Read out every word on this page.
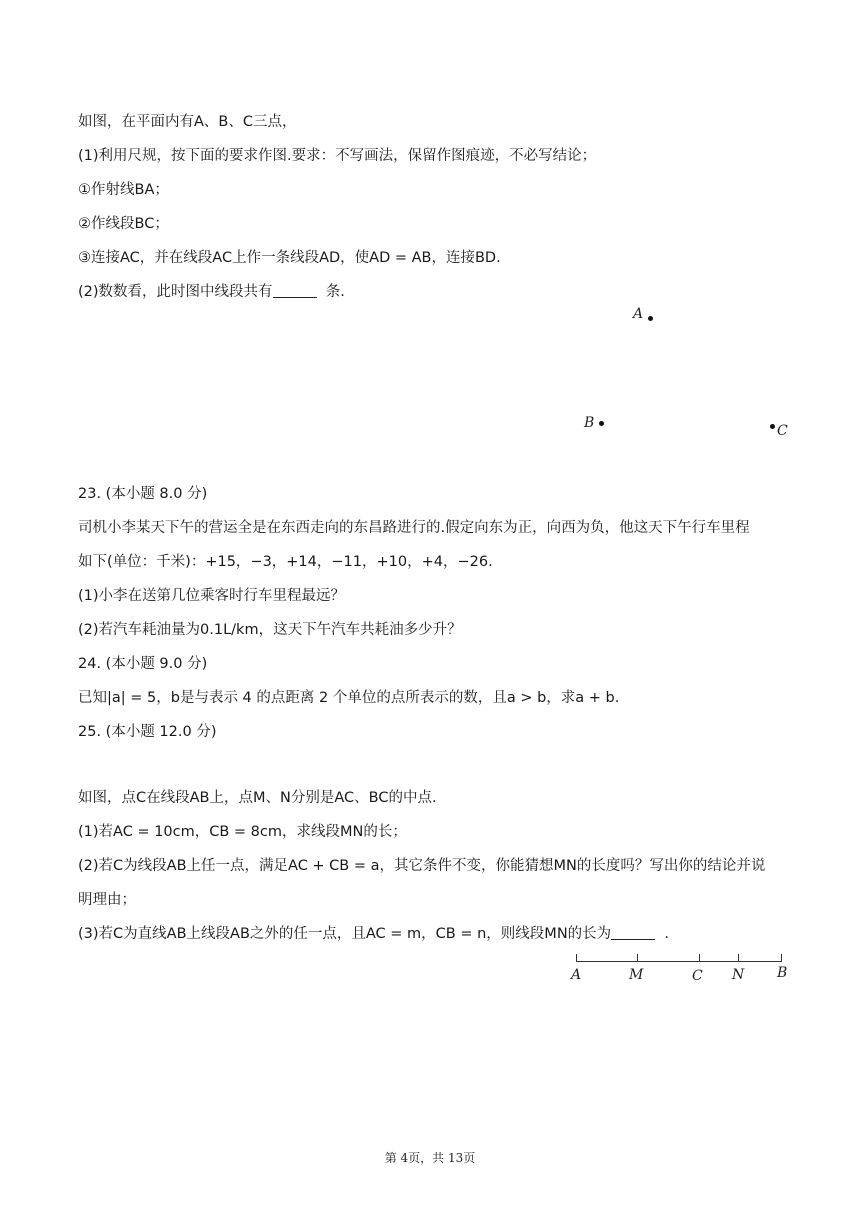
如图，在平面内有A、B、C三点，
(1)利用尺规，按下面的要求作图.要求：不写画法，保留作图痕迹，不必写结论；
①作射线BA；
②作线段BC；
③连接AC，并在线段AC上作一条线段AD，使AD = AB，连接BD.
(2)数数看，此时图中线段共有	条.
A
B	C
23. (本小题 8.0 分)
司机小李某天下午的营运全是在东西走向的东昌路进行的.假定向东为正，向西为负，他这天下午行车里程
如下(单位：千米)：+15，−3，+14，−11，+10，+4，−26.
(1)小李在送第几位乘客时行车里程最远？
(2)若汽车耗油量为0.1L/km，这天下午汽车共耗油多少升？
24. (本小题 9.0 分)
已知|a| = 5，b是与表示 4 的点距离 2 个单位的点所表示的数，且a > b，求a + b.
25. (本小题 12.0 分)
如图，点C在线段AB上，点M、N分别是AC、BC的中点.
(1)若AC = 10cm，CB = 8cm，求线段MN的长；
(2)若C为线段AB上任一点，满足AC + CB = a，其它条件不变，你能猜想MN的长度吗？写出你的结论并说
明理由；
(3)若C为直线AB上线段AB之外的任一点，且AC = m，CB = n，则线段MN的长为	.
A	M	C N B
第 4页，共 13页
